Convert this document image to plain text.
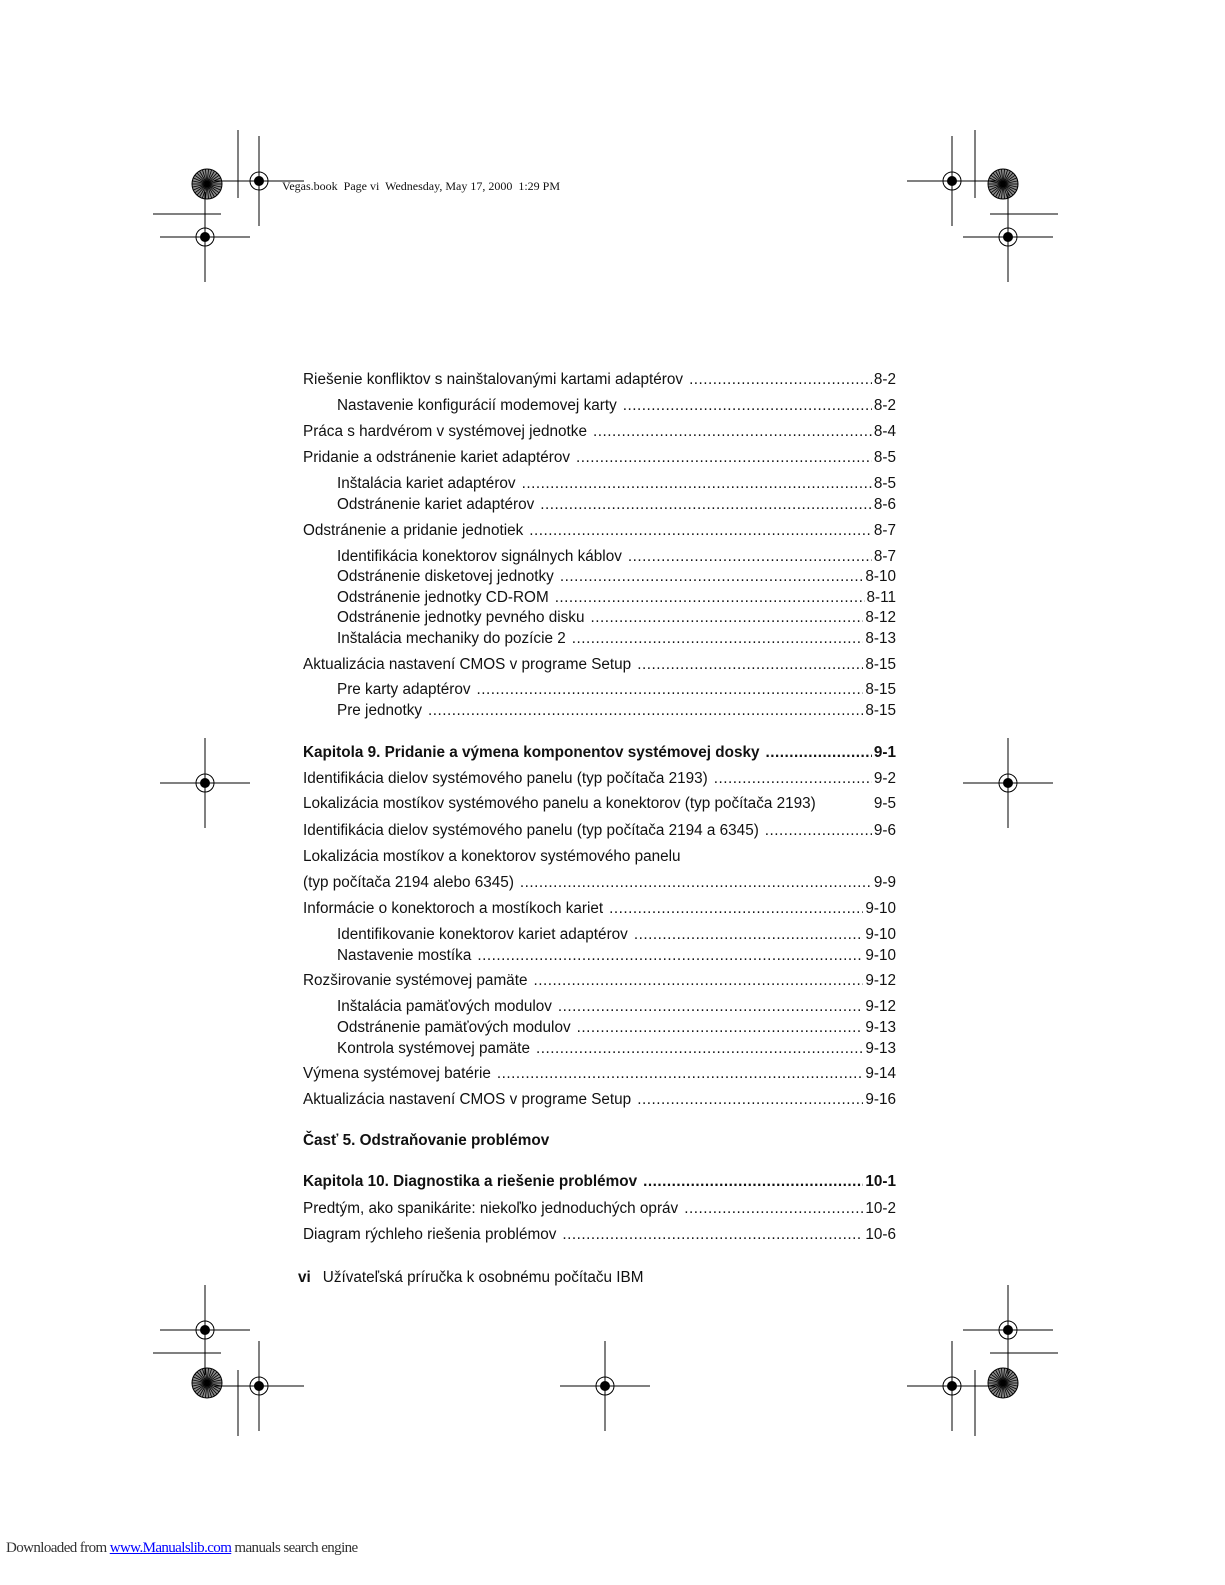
Vegas.book  Page vi  Wednesday, May 17, 2000  1:29 PM
Riešenie konfliktov s nainštalovanými kartami adaptérov .....	8-2
Nastavenie konfigurácií modemovej karty .....	8-2
Práca s hardvérom v systémovej jednotke .....	8-4
Pridanie a odstránenie kariet adaptérov .....	8-5
Inštalácia kariet adaptérov .....	8-5
Odstránenie kariet adaptérov .....	8-6
Odstránenie a pridanie jednotiek .....	8-7
Identifikácia konektorov signálnych káblov .....	8-7
Odstránenie disketovej jednotky .....	8-10
Odstránenie jednotky CD-ROM .....	8-11
Odstránenie jednotky pevného disku .....	8-12
Inštalácia mechaniky do pozície 2 .....	8-13
Aktualizácia nastavení CMOS v programe Setup .....	8-15
Pre karty adaptérov .....	8-15
Pre jednotky .....	8-15
Kapitola 9. Pridanie a výmena komponentov systémovej dosky .....	9-1
Identifikácia dielov systémového panelu (typ počítača 2193) .....	9-2
Lokalizácia mostíkov systémového panelu a konektorov (typ počítača 2193)	9-5
Identifikácia dielov systémového panelu (typ počítača 2194 a 6345) .....	9-6
Lokalizácia mostíkov a konektorov systémového panelu
(typ počítača 2194 alebo 6345) .....	9-9
Informácie o konektoroch a mostíkoch kariet .....	9-10
Identifikovanie konektorov kariet adaptérov .....	9-10
Nastavenie mostíka .....	9-10
Rozširovanie systémovej pamäte .....	9-12
Inštalácia pamäťových modulov .....	9-12
Odstránenie pamäťových modulov .....	9-13
Kontrola systémovej pamäte .....	9-13
Výmena systémovej batérie .....	9-14
Aktualizácia nastavení CMOS v programe Setup .....	9-16
Časť 5. Odstraňovanie problémov
Kapitola 10. Diagnostika a riešenie problémov .....	10-1
Predtým, ako spanikárite: niekoľko jednoduchých opráv .....	10-2
Diagram rýchleho riešenia problémov .....	10-6
vi Užívateľská príručka k osobnému počítaču IBM
Downloaded from www.Manualslib.com manuals search engine
